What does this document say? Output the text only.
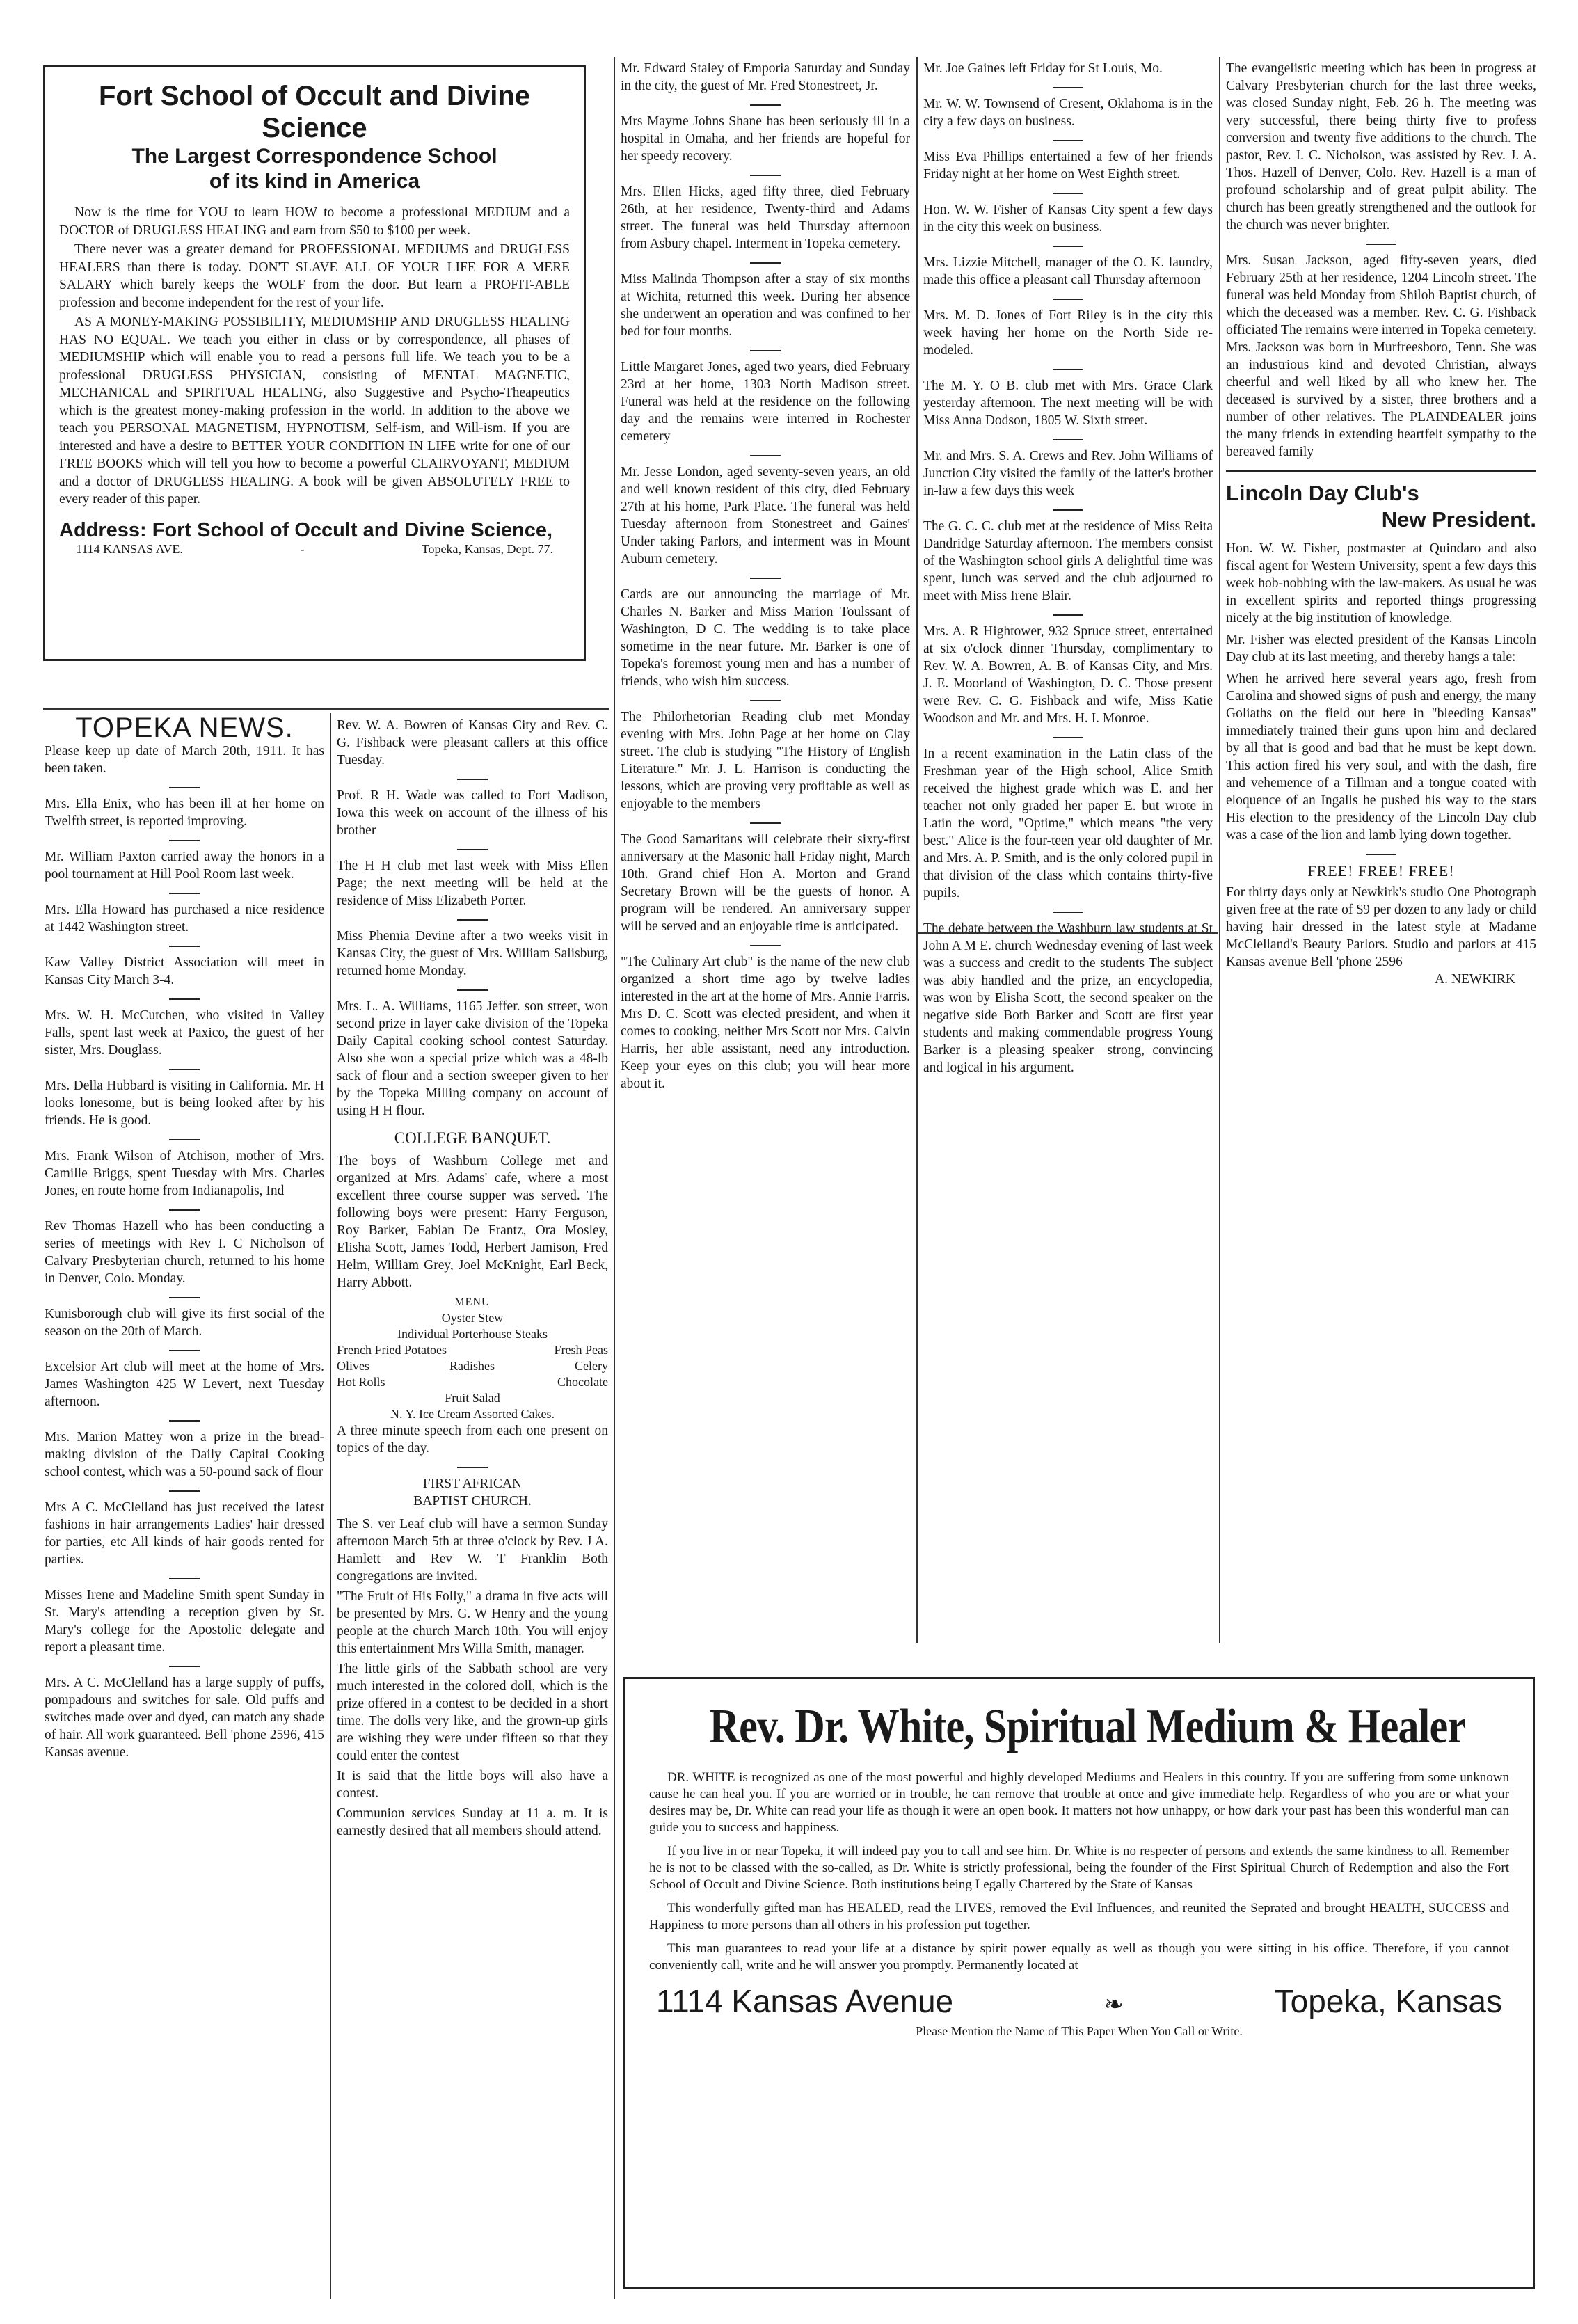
Fort School of Occult and Divine Science
The Largest Correspondence School
of its kind in America

Now is the time for YOU to learn HOW to become a professional MEDIUM and a DOCTOR of DRUGLESS HEALING and earn from $50 to $100 per week.

There never was a greater demand for PROFESSIONAL MEDIUMS and DRUGLESS HEALERS than there is today. DON'T SLAVE ALL OF YOUR LIFE FOR A MERE SALARY which barely keeps the WOLF from the door. But learn a PROFIT-ABLE profession and become independent for the rest of your life.

AS A MONEY-MAKING POSSIBILITY, MEDIUMSHIP AND DRUGLESS HEALING HAS NO EQUAL. We teach you either in class or by correspondence, all phases of MEDIUMSHIP which will enable you to read a persons full life. We teach you to be a professional DRUGLESS PHYSICIAN, consisting of MENTAL MAGNETIC, MECHANICAL and SPIRITUAL HEALING, also Suggestive and Psycho-Theapeutics which is the greatest money-making profession in the world. In addition to the above we teach you PERSONAL MAGNETISM, HYPNOTISM, Self-ism, and Will-ism. If you are interested and have a desire to BETTER YOUR CONDITION IN LIFE write for one of our FREE BOOKS which will tell you how to become a powerful CLAIRVOYANT, MEDIUM and a doctor of DRUGLESS HEALING. A book will be given ABSOLUTELY FREE to every reader of this paper.

Address: Fort School of Occult and Divine Science,
1114 KANSAS AVE.	-	Topeka, Kansas, Dept. 77.
TOPEKA NEWS.
Please keep up date of March 20th, 1911. It has been taken.
Mrs. Ella Enix, who has been ill at her home on Twelfth street, is reported improving.
Mr. William Paxton carried away the honors in a pool tournament at Hill Pool Room last week.
Mrs. Ella Howard has purchased a nice residence at 1442 Washington street.
Kaw Valley District Association will meet in Kansas City March 3-4.
Mrs. W. H. McCutchen, who visited in Valley Falls, spent last week at Paxico, the guest of her sister, Mrs. Douglass.
Mrs. Della Hubbard is visiting in California. Mr. H looks lonesome, but is being looked after by his friends. He is good.
Mrs. Frank Wilson of Atchison, mother of Mrs. Camille Briggs, spent Tuesday with Mrs. Charles Jones, en route home from Indianapolis, Ind
Rev Thomas Hazell who has been conducting a series of meetings with Rev I. C Nicholson of Calvary Presbyterian church, returned to his home in Denver, Colo. Monday.
Kunisborough club will give its first social of the season on the 20th of March.
Excelsior Art club will meet at the home of Mrs. James Washington 425 W Levert, next Tuesday afternoon.
Mrs. Marion Mattey won a prize in the bread-making division of the Daily Capital Cooking school contest, which was a 50-pound sack of flour
Mrs A C. McClelland has just received the latest fashions in hair arrangements Ladies' hair dressed for parties, etc All kinds of hair goods rented for parties.
Misses Irene and Madeline Smith spent Sunday in St. Mary's attending a reception given by St. Mary's college for the Apostolic delegate and report a pleasant time.
Mrs. A C. McClelland has a large supply of puffs, pompadours and switches for sale. Old puffs and switches made over and dyed, can match any shade of hair. All work guaranteed. Bell 'phone 2596, 415 Kansas avenue.
Rev. W. A. Bowren of Kansas City and Rev. C. G. Fishback were pleasant callers at this office Tuesday.
Prof. R H. Wade was called to Fort Madison, Iowa this week on account of the illness of his brother
The H H club met last week with Miss Ellen Page; the next meeting will be held at the residence of Miss Elizabeth Porter.
Miss Phemia Devine after a two weeks visit in Kansas City, the guest of Mrs. William Salisburg, returned home Monday.
Mrs. L. A. Williams, 1165 Jeffer. son street, won second prize in layer cake division of the Topeka Daily Capital cooking school contest Saturday. Also she won a special prize which was a 48-lb sack of flour and a section sweeper given to her by the Topeka Milling company on account of using H H flour.
COLLEGE BANQUET.
The boys of Washburn College met and organized at Mrs. Adams' cafe, where a most excellent three course supper was served. The following boys were present: Harry Ferguson, Roy Barker, Fabian De Frantz, Ora Mosley, Elisha Scott, James Todd, Herbert Jamison, Fred Helm, William Grey, Joel McKnight, Earl Beck, Harry Abbott.
MENU
Oyster Stew
Individual Porterhouse Steaks
French Fried Potatoes	Fresh Peas
Olives	Radishes	Celery
Hot Rolls	Chocolate
Fruit Salad
N. Y. Ice Cream Assorted Cakes.
A three minute speech from each one present on topics of the day.
FIRST AFRICAN
BAPTIST CHURCH.
The S. ver Leaf club will have a sermon Sunday afternoon March 5th at three o'clock by Rev. J A. Hamlett and Rev W. T Franklin Both congregations are invited.
"The Fruit of His Folly," a drama in five acts will be presented by Mrs. G. W Henry and the young people at the church March 10th. You will enjoy this entertainment Mrs Willa Smith, manager.
The little girls of the Sabbath school are very much interested in the colored doll, which is the prize offered in a contest to be decided in a short time. The dolls very like, and the grown-up girls are wishing they were under fifteen so that they could enter the contest
It is said that the little boys will also have a contest.
Communion services Sunday at 11 a. m. It is earnestly desired that all members should attend.
Mr. Edward Staley of Emporia Saturday and Sunday in the city, the guest of Mr. Fred Stonestreet, Jr.
Mrs Mayme Johns Shane has been seriously ill in a hospital in Omaha, and her friends are hopeful for her speedy recovery.
Mrs. Ellen Hicks, aged fifty three, died February 26th, at her residence, Twenty-third and Adams street. The funeral was held Thursday afternoon from Asbury chapel. Interment in Topeka cemetery.
Miss Malinda Thompson after a stay of six months at Wichita, returned this week. During her absence she underwent an operation and was confined to her bed for four months.
Little Margaret Jones, aged two years, died February 23rd at her home, 1303 North Madison street. Funeral was held at the residence on the following day and the remains were interred in Rochester cemetery
Mr. Jesse London, aged seventy-seven years, an old and well known resident of this city, died February 27th at his home, Park Place. The funeral was held Tuesday afternoon from Stonestreet and Gaines' Under taking Parlors, and interment was in Mount Auburn cemetery.
Cards are out announcing the marriage of Mr. Charles N. Barker and Miss Marion Toulssant of Washington, D C. The wedding is to take place sometime in the near future. Mr. Barker is one of Topeka's foremost young men and has a number of friends, who wish him success.
The Philorhetorian Reading club met Monday evening with Mrs. John Page at her home on Clay street. The club is studying "The History of English Literature." Mr. J. L. Harrison is conducting the lessons, which are proving very profitable as well as enjoyable to the members
The Good Samaritans will celebrate their sixty-first anniversary at the Masonic hall Friday night, March 10th. Grand chief Hon A. Morton and Grand Secretary Brown will be the guests of honor. A program will be rendered. An anniversary supper will be served and an enjoyable time is anticipated.
"The Culinary Art club" is the name of the new club organized a short time ago by twelve ladies interested in the art at the home of Mrs. Annie Farris. Mrs D. C. Scott was elected president, and when it comes to cooking, neither Mrs Scott nor Mrs. Calvin Harris, her able assistant, need any introduction. Keep your eyes on this club; you will hear more about it.
Mr. Joe Gaines left Friday for St Louis, Mo.
Mr. W. W. Townsend of Cresent, Oklahoma is in the city a few days on business.
Miss Eva Phillips entertained a few of her friends Friday night at her home on West Eighth street.
Hon. W. W. Fisher of Kansas City spent a few days in the city this week on business.
Mrs. Lizzie Mitchell, manager of the O. K. laundry, made this office a pleasant call Thursday afternoon
Mrs. M. D. Jones of Fort Riley is in the city this week having her home on the North Side re-modeled.
The M. Y. O B. club met with Mrs. Grace Clark yesterday afternoon. The next meeting will be with Miss Anna Dodson, 1805 W. Sixth street.
Mr. and Mrs. S. A. Crews and Rev. John Williams of Junction City visited the family of the latter's brother in-law a few days this week
The G. C. C. club met at the residence of Miss Reita Dandridge Saturday afternoon. The members consist of the Washington school girls A delightful time was spent, lunch was served and the club adjourned to meet with Miss Irene Blair.
Mrs. A. R Hightower, 932 Spruce street, entertained at six o'clock dinner Thursday, complimentary to Rev. W. A. Bowren, A. B. of Kansas City, and Mrs. J. E. Moorland of Washington, D. C. Those present were Rev. C. G. Fishback and wife, Miss Katie Woodson and Mr. and Mrs. H. I. Monroe.
In a recent examination in the Latin class of the Freshman year of the High school, Alice Smith received the highest grade which was E. and her teacher not only graded her paper E. but wrote in Latin the word, "Optime," which means "the very best." Alice is the four-teen year old daughter of Mr. and Mrs. A. P. Smith, and is the only colored pupil in that division of the class which contains thirty-five pupils.
The debate between the Washburn law students at St John A M E. church Wednesday evening of last week was a success and credit to the students The subject was abiy handled and the prize, an encyclopedia, was won by Elisha Scott, the second speaker on the negative side Both Barker and Scott are first year students and making commendable progress Young Barker is a pleasing speaker—strong, convincing and logical in his argument.
The evangelistic meeting which has been in progress at Calvary Presbyterian church for the last three weeks, was closed Sunday night, Feb. 26 h. The meeting was very successful, there being thirty five to profess conversion and twenty five additions to the church. The pastor, Rev. I. C. Nicholson, was assisted by Rev. J. A. Thos. Hazell of Denver, Colo. Rev. Hazell is a man of profound scholarship and of great pulpit ability. The church has been greatly strengthened and the outlook for the church was never brighter.
Mrs. Susan Jackson, aged fifty-seven years, died February 25th at her residence, 1204 Lincoln street. The funeral was held Monday from Shiloh Baptist church, of which the deceased was a member. Rev. C. G. Fishback officiated The remains were interred in Topeka cemetery. Mrs. Jackson was born in Murfreesboro, Tenn. She was an industrious kind and devoted Christian, always cheerful and well liked by all who knew her. The deceased is survived by a sister, three brothers and a number of other relatives. The PLAINDEALER joins the many friends in extending heartfelt sympathy to the bereaved family
Lincoln Day Club's
New President.
Hon. W. W. Fisher, postmaster at Quindaro and also fiscal agent for Western University, spent a few days this week hob-nobbing with the law-makers. As usual he was in excellent spirits and reported things progressing nicely at the big institution of knowledge.
Mr. Fisher was elected president of the Kansas Lincoln Day club at its last meeting, and thereby hangs a tale:
When he arrived here several years ago, fresh from Carolina and showed signs of push and energy, the many Goliaths on the field out here in "bleeding Kansas" immediately trained their guns upon him and declared by all that is good and bad that he must be kept down. This action fired his very soul, and with the dash, fire and vehemence of a Tillman and a tongue coated with eloquence of an Ingalls he pushed his way to the stars His election to the presidency of the Lincoln Day club was a case of the lion and lamb lying down together.
FREE! FREE! FREE!
For thirty days only at Newkirk's studio One Photograph given free at the rate of $9 per dozen to any lady or child having hair dressed in the latest style at Madame McClelland's Beauty Parlors. Studio and parlors at 415 Kansas avenue Bell 'phone 2596
A. NEWKIRK
Rev. Dr. White, Spiritual Medium & Healer

DR. WHITE is recognized as one of the most powerful and highly developed Mediums and Healers in this country. If you are suffering from some unknown cause he can heal you. If you are worried or in trouble, he can remove that trouble at once and give immediate help. Regardless of who you are or what your desires may be, Dr. White can read your life as though it were an open book. It matters not how unhappy, or how dark your past has been this wonderful man can guide you to success and happiness.

If you live in or near Topeka, it will indeed pay you to call and see him. Dr. White is no respecter of persons and extends the same kindness to all. Remember he is not to be classed with the so-called, as Dr. White is strictly professional, being the founder of the First Spiritual Church of Redemption and also the Fort School of Occult and Divine Science. Both institutions being Legally Chartered by the State of Kansas

This wonderfully gifted man has HEALED, read the LIVES, removed the Evil Influences, and reunited the Seprated and brought HEALTH, SUCCESS and Happiness to more persons than all others in his profession put together.

This man guarantees to read your life at a distance by spirit power equally as well as though you were sitting in his office. Therefore, if you cannot conveniently call, write and he will answer you promptly. Permanently located at

1114 Kansas Avenue	❧	Topeka, Kansas
Please Mention the Name of This Paper When You Call or Write.
